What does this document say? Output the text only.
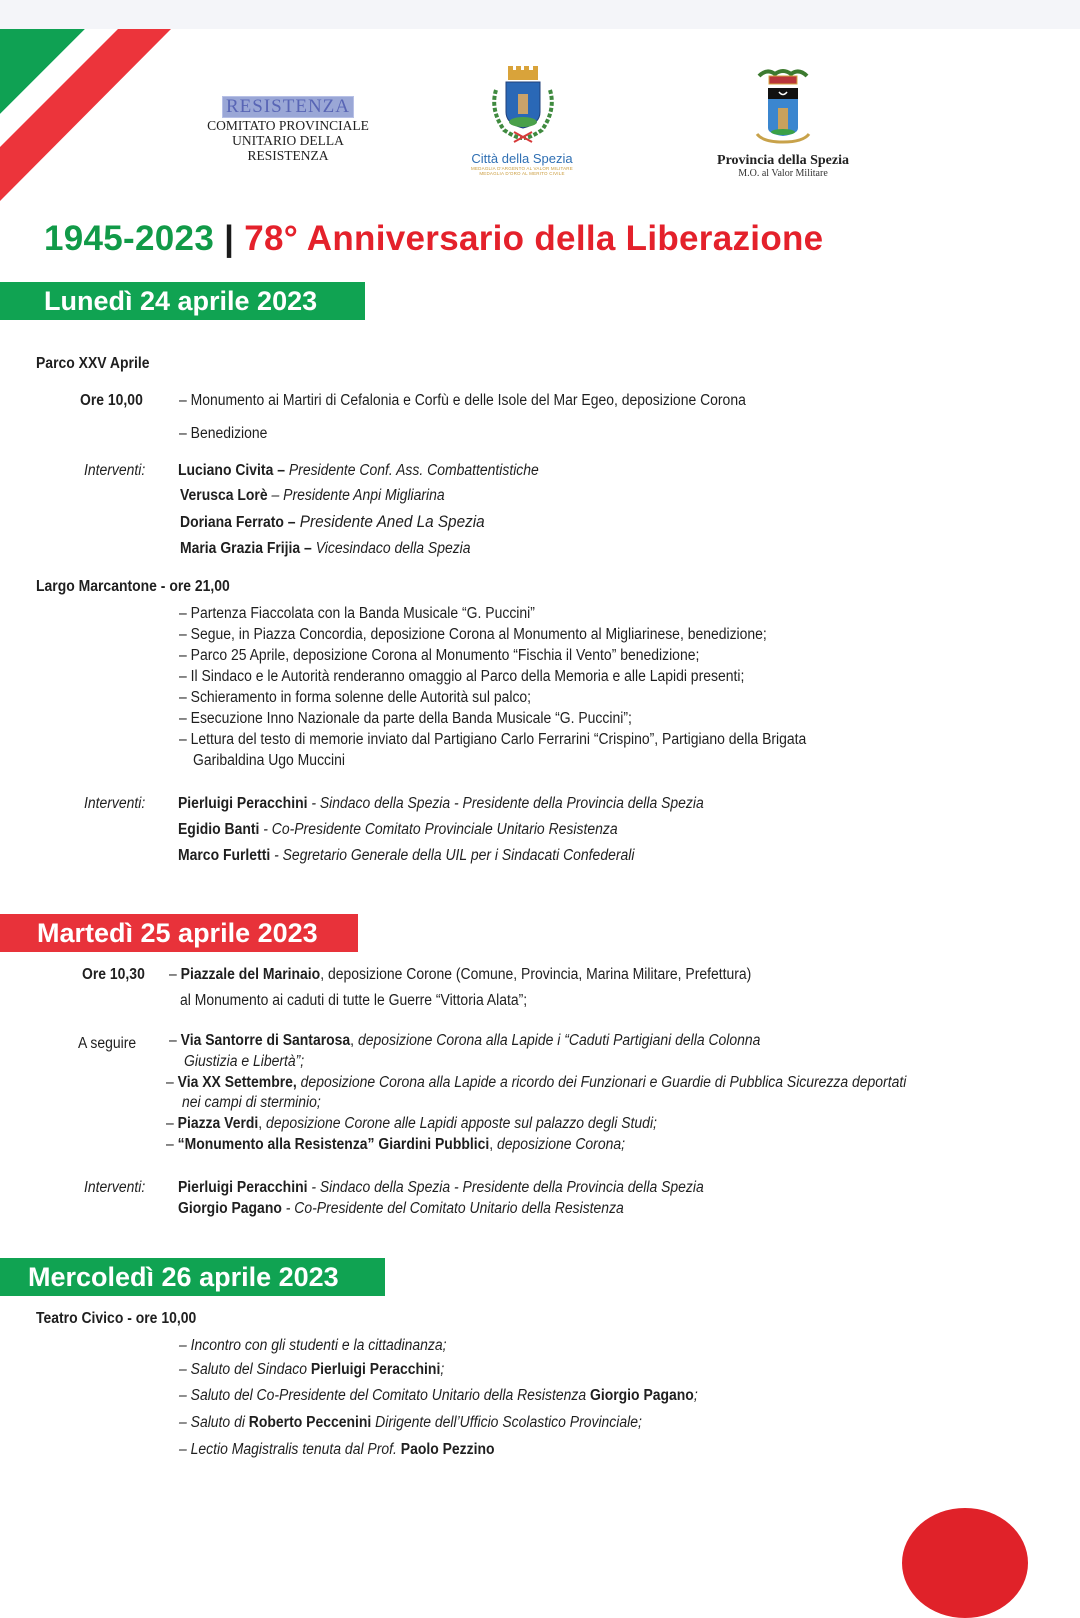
RESISTENZA
COMITATO PROVINCIALE
UNITARIO DELLA RESISTENZA	Città della Spezia
MEDAGLIA D'ARGENTO AL VALOR MILITARE
MEDAGLIA D'ORO AL MERITO CIVILE
Provincia della Spezia
M.O. al Valor Militare
1945-2023 | 78° Anniversario della Liberazione
Lunedì 24 aprile 2023
Parco XXV Aprile
Ore 10,00 – Monumento ai Martiri di Cefalonia e Corfù e delle Isole del Mar Egeo, deposizione Corona
– Benedizione
Interventi: Luciano Civita – Presidente Conf. Ass. Combattentistiche
Verusca Lorè – Presidente Anpi Migliarina
Doriana Ferrato – Presidente Aned La Spezia
Maria Grazia Frijia – Vicesindaco della Spezia
Largo Marcantone - ore 21,00
– Partenza Fiaccolata con la Banda Musicale “G. Puccini”
– Segue, in Piazza Concordia, deposizione Corona al Monumento al Migliarinese, benedizione;
– Parco 25 Aprile, deposizione Corona al Monumento “Fischia il Vento” benedizione;
– Il Sindaco e le Autorità renderanno omaggio al Parco della Memoria e alle Lapidi presenti;
– Schieramento in forma solenne delle Autorità sul palco;
– Esecuzione Inno Nazionale da parte della Banda Musicale “G. Puccini”;
– Lettura del testo di memorie inviato dal Partigiano Carlo Ferrarini “Crispino”, Partigiano della Brigata
Garibaldina Ugo Muccini
Interventi: Pierluigi Peracchini - Sindaco della Spezia - Presidente della Provincia della Spezia
Egidio Banti - Co-Presidente Comitato Provinciale Unitario Resistenza
Marco Furletti - Segretario Generale della UIL per i Sindacati Confederali
Martedì 25 aprile 2023
Ore 10,30 – Piazzale del Marinaio, deposizione Corone (Comune, Provincia, Marina Militare, Prefettura)
al Monumento ai caduti di tutte le Guerre “Vittoria Alata”;
A seguire – Via Santorre di Santarosa, deposizione Corona alla Lapide i “Caduti Partigiani della Colonna
Giustizia e Libertà”;
– Via XX Settembre, deposizione Corona alla Lapide a ricordo dei Funzionari e Guardie di Pubblica Sicurezza deportati
nei campi di sterminio;
– Piazza Verdi, deposizione Corone alle Lapidi apposte sul palazzo degli Studi;
– “Monumento alla Resistenza” Giardini Pubblici, deposizione Corona;
Interventi: Pierluigi Peracchini - Sindaco della Spezia - Presidente della Provincia della Spezia
Giorgio Pagano - Co-Presidente del Comitato Unitario della Resistenza
Mercoledì 26 aprile 2023
Teatro Civico - ore 10,00
– Incontro con gli studenti e la cittadinanza;
– Saluto del Sindaco Pierluigi Peracchini;
– Saluto del Co-Presidente del Comitato Unitario della Resistenza Giorgio Pagano;
– Saluto di Roberto Peccenini Dirigente dell’Ufficio Scolastico Provinciale;
– Lectio Magistralis tenuta dal Prof. Paolo Pezzino
